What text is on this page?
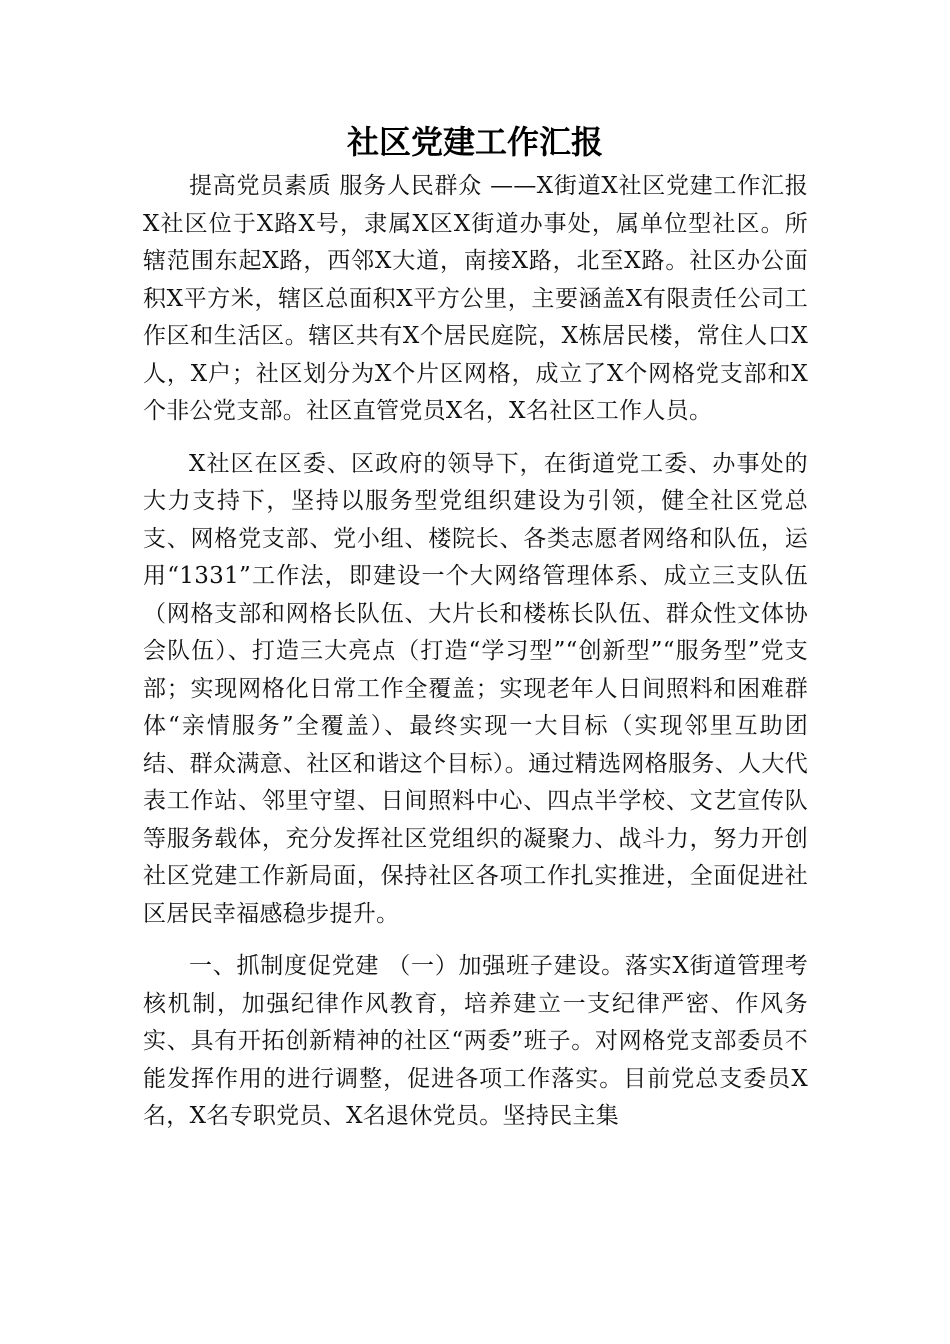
社区党建工作汇报

提高党员素质 服务人民群众 ——X街道X社区党建工作汇报 X社区位于X路X号，隶属X区X街道办事处，属单位型社区。所辖范围东起X路，西邻X大道，南接X路，北至X路。社区办公面积X平方米，辖区总面积X平方公里，主要涵盖X有限责任公司工作区和生活区。辖区共有X个居民庭院，X栋居民楼，常住人口X人，X户；社区划分为X个片区网格，成立了X个网格党支部和X个非公党支部。社区直管党员X名，X名社区工作人员。

X社区在区委、区政府的领导下，在街道党工委、办事处的大力支持下，坚持以服务型党组织建设为引领，健全社区党总支、网格党支部、党小组、楼院长、各类志愿者网络和队伍，运用“1331”工作法，即建设一个大网络管理体系、成立三支队伍（网格支部和网格长队伍、大片长和楼栋长队伍、群众性文体协会队伍）、打造三大亮点（打造“学习型”“创新型”“服务型”党支部；实现网格化日常工作全覆盖；实现老年人日间照料和困难群体“亲情服务”全覆盖）、最终实现一大目标（实现邻里互助团结、群众满意、社区和谐这个目标）。通过精选网格服务、人大代表工作站、邻里守望、日间照料中心、四点半学校、文艺宣传队等服务载体，充分发挥社区党组织的凝聚力、战斗力，努力开创社区党建工作新局面，保持社区各项工作扎实推进，全面促进社区居民幸福感稳步提升。

一、抓制度促党建 （一）加强班子建设。落实X街道管理考核机制，加强纪律作风教育，培养建立一支纪律严密、作风务实、具有开拓创新精神的社区“两委”班子。对网格党支部委员不能发挥作用的进行调整，促进各项工作落实。目前党总支委员X名，X名专职党员、X名退休党员。坚持民主集
